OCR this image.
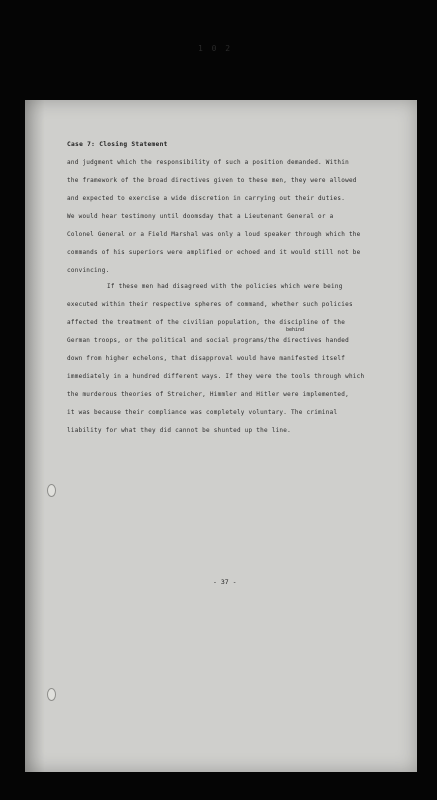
1 0 2
Case 7: Closing Statement
and judgment which the responsibility of such a position demanded. Within
the framework of the broad directives given to these men, they were allowed
and expected to exercise a wide discretion in carrying out their duties.
We would hear testimony until doomsday that a Lieutenant General or a
Colonel General or a Field Marshal was only a loud speaker through which the
commands of his superiors were amplified or echoed and it would still not be
convincing.
If these men had disagreed with the policies which were being
executed within their respective spheres of command, whether such policies
affected the treatment of the civilian population, the discipline of the
behind
German troops, or the political and social programs/the directives handed
down from higher echelons, that disapproval would have manifested itself
immediately in a hundred different ways. If they were the tools through which
the murderous theories of Streicher, Himmler and Hitler were implemented,
it was because their compliance was completely voluntary. The criminal
liability for what they did cannot be shunted up the line.
- 37 -
